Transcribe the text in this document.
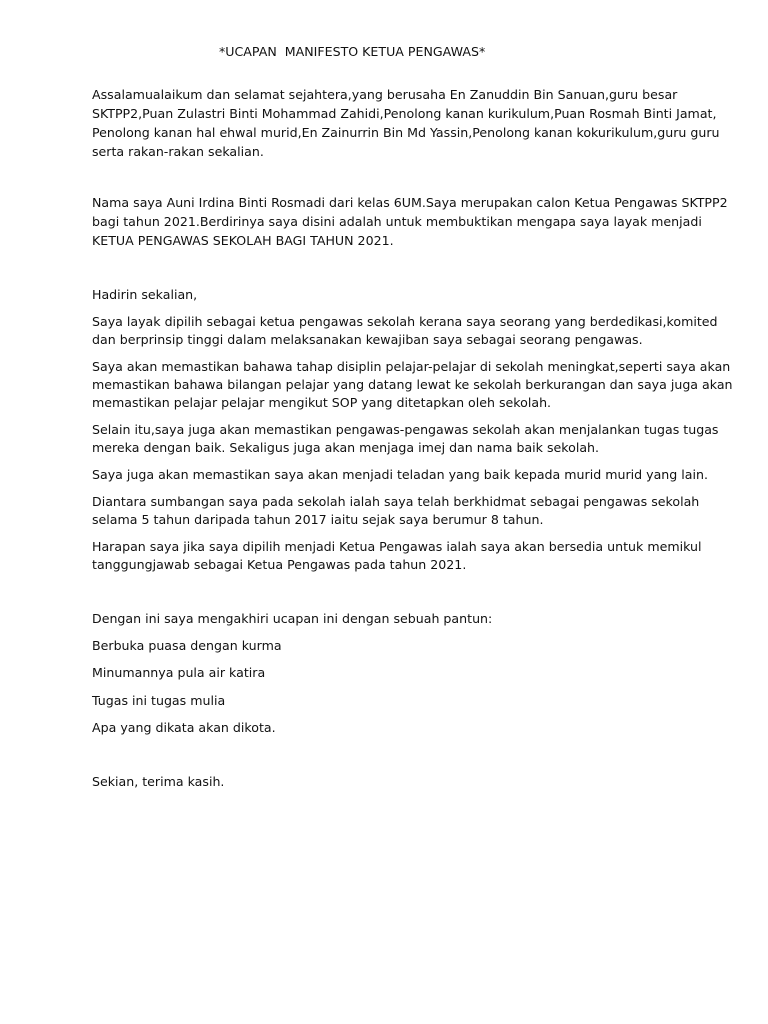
*UCAPAN  MANIFESTO KETUA PENGAWAS*
Assalamualaikum dan selamat sejahtera,yang berusaha En Zanuddin Bin Sanuan,guru besar
SKTPP2,Puan Zulastri Binti Mohammad Zahidi,Penolong kanan kurikulum,Puan Rosmah Binti Jamat,
Penolong kanan hal ehwal murid,En Zainurrin Bin Md Yassin,Penolong kanan kokurikulum,guru guru
serta rakan-rakan sekalian.
Nama saya Auni Irdina Binti Rosmadi dari kelas 6UM.Saya merupakan calon Ketua Pengawas SKTPP2
bagi tahun 2021.Berdirinya saya disini adalah untuk membuktikan mengapa saya layak menjadi
KETUA PENGAWAS SEKOLAH BAGI TAHUN 2021.
Hadirin sekalian,
Saya layak dipilih sebagai ketua pengawas sekolah kerana saya seorang yang berdedikasi,komited
dan berprinsip tinggi dalam melaksanakan kewajiban saya sebagai seorang pengawas.
Saya akan memastikan bahawa tahap disiplin pelajar-pelajar di sekolah meningkat,seperti saya akan
memastikan bahawa bilangan pelajar yang datang lewat ke sekolah berkurangan dan saya juga akan
memastikan pelajar pelajar mengikut SOP yang ditetapkan oleh sekolah.
Selain itu,saya juga akan memastikan pengawas-pengawas sekolah akan menjalankan tugas tugas
mereka dengan baik. Sekaligus juga akan menjaga imej dan nama baik sekolah.
Saya juga akan memastikan saya akan menjadi teladan yang baik kepada murid murid yang lain.
Diantara sumbangan saya pada sekolah ialah saya telah berkhidmat sebagai pengawas sekolah
selama 5 tahun daripada tahun 2017 iaitu sejak saya berumur 8 tahun.
Harapan saya jika saya dipilih menjadi Ketua Pengawas ialah saya akan bersedia untuk memikul
tanggungjawab sebagai Ketua Pengawas pada tahun 2021.
Dengan ini saya mengakhiri ucapan ini dengan sebuah pantun:
Berbuka puasa dengan kurma
Minumannya pula air katira
Tugas ini tugas mulia
Apa yang dikata akan dikota.
Sekian, terima kasih.
